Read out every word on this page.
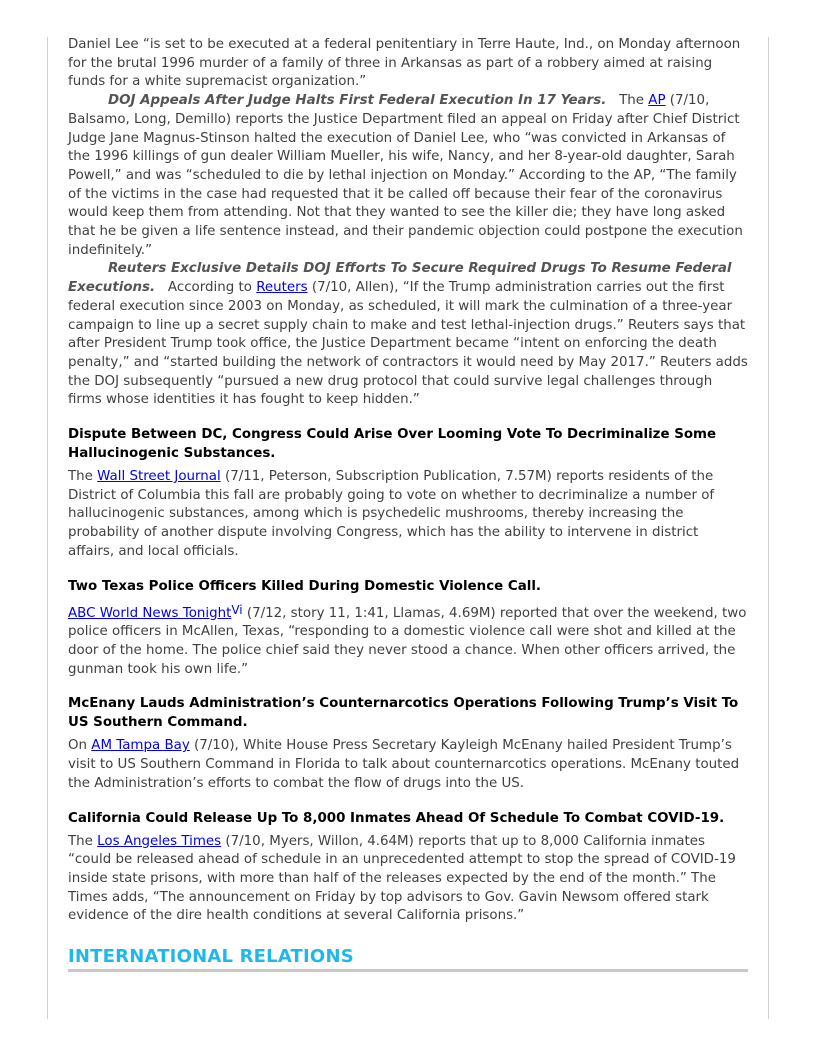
Daniel Lee “is set to be executed at a federal penitentiary in Terre Haute, Ind., on Monday afternoon for the brutal 1996 murder of a family of three in Arkansas as part of a robbery aimed at raising funds for a white supremacist organization.”

DOJ Appeals After Judge Halts First Federal Execution In 17 Years. The AP (7/10, Balsamo, Long, Demillo) reports the Justice Department filed an appeal on Friday after Chief District Judge Jane Magnus-Stinson halted the execution of Daniel Lee, who “was convicted in Arkansas of the 1996 killings of gun dealer William Mueller, his wife, Nancy, and her 8-year-old daughter, Sarah Powell,” and was “scheduled to die by lethal injection on Monday.” According to the AP, “The family of the victims in the case had requested that it be called off because their fear of the coronavirus would keep them from attending. Not that they wanted to see the killer die; they have long asked that he be given a life sentence instead, and their pandemic objection could postpone the execution indefinitely.”

Reuters Exclusive Details DOJ Efforts To Secure Required Drugs To Resume Federal Executions. According to Reuters (7/10, Allen), “If the Trump administration carries out the first federal execution since 2003 on Monday, as scheduled, it will mark the culmination of a three-year campaign to line up a secret supply chain to make and test lethal-injection drugs.” Reuters says that after President Trump took office, the Justice Department became “intent on enforcing the death penalty,” and “started building the network of contractors it would need by May 2017.” Reuters adds the DOJ subsequently “pursued a new drug protocol that could survive legal challenges through firms whose identities it has fought to keep hidden.”

Dispute Between DC, Congress Could Arise Over Looming Vote To Decriminalize Some Hallucinogenic Substances.

The Wall Street Journal (7/11, Peterson, Subscription Publication, 7.57M) reports residents of the District of Columbia this fall are probably going to vote on whether to decriminalize a number of hallucinogenic substances, among which is psychedelic mushrooms, thereby increasing the probability of another dispute involving Congress, which has the ability to intervene in district affairs, and local officials.

Two Texas Police Officers Killed During Domestic Violence Call.

ABC World News TonightVi (7/12, story 11, 1:41, Llamas, 4.69M) reported that over the weekend, two police officers in McAllen, Texas, “responding to a domestic violence call were shot and killed at the door of the home. The police chief said they never stood a chance. When other officers arrived, the gunman took his own life.”

McEnany Lauds Administration’s Counternarcotics Operations Following Trump’s Visit To US Southern Command.

On AM Tampa Bay (7/10), White House Press Secretary Kayleigh McEnany hailed President Trump’s visit to US Southern Command in Florida to talk about counternarcotics operations. McEnany touted the Administration’s efforts to combat the flow of drugs into the US.

California Could Release Up To 8,000 Inmates Ahead Of Schedule To Combat COVID-19.

The Los Angeles Times (7/10, Myers, Willon, 4.64M) reports that up to 8,000 California inmates “could be released ahead of schedule in an unprecedented attempt to stop the spread of COVID-19 inside state prisons, with more than half of the releases expected by the end of the month.” The Times adds, “The announcement on Friday by top advisors to Gov. Gavin Newsom offered stark evidence of the dire health conditions at several California prisons.”

INTERNATIONAL RELATIONS
